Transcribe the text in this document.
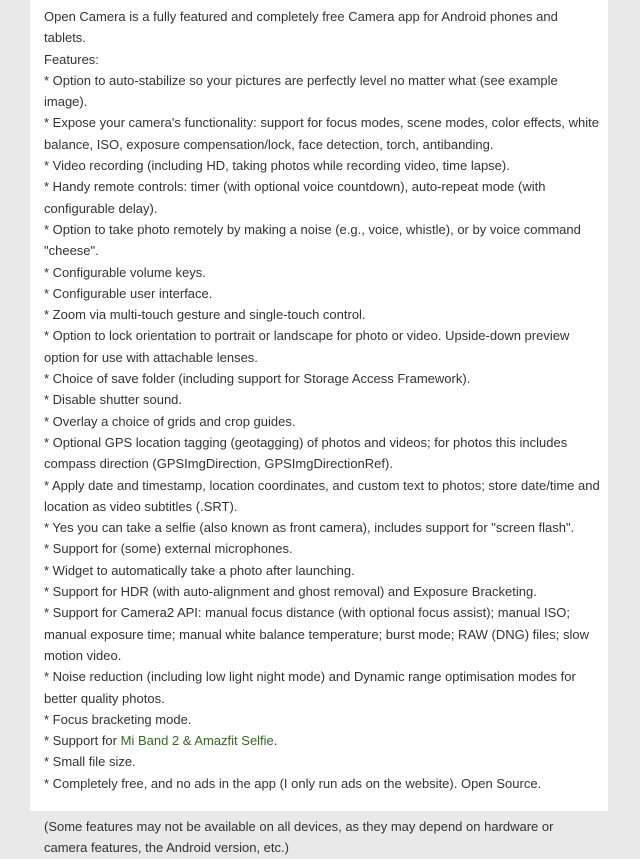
Open Camera is a fully featured and completely free Camera app for Android phones and tablets.
Features:
* Option to auto-stabilize so your pictures are perfectly level no matter what (see example image).
* Expose your camera's functionality: support for focus modes, scene modes, color effects, white balance, ISO, exposure compensation/lock, face detection, torch, antibanding.
* Video recording (including HD, taking photos while recording video, time lapse).
* Handy remote controls: timer (with optional voice countdown), auto-repeat mode (with configurable delay).
* Option to take photo remotely by making a noise (e.g., voice, whistle), or by voice command "cheese".
* Configurable volume keys.
* Configurable user interface.
* Zoom via multi-touch gesture and single-touch control.
* Option to lock orientation to portrait or landscape for photo or video. Upside-down preview option for use with attachable lenses.
* Choice of save folder (including support for Storage Access Framework).
* Disable shutter sound.
* Overlay a choice of grids and crop guides.
* Optional GPS location tagging (geotagging) of photos and videos; for photos this includes compass direction (GPSImgDirection, GPSImgDirectionRef).
* Apply date and timestamp, location coordinates, and custom text to photos; store date/time and location as video subtitles (.SRT).
* Yes you can take a selfie (also known as front camera), includes support for "screen flash".
* Support for (some) external microphones.
* Widget to automatically take a photo after launching.
* Support for HDR (with auto-alignment and ghost removal) and Exposure Bracketing.
* Support for Camera2 API: manual focus distance (with optional focus assist); manual ISO; manual exposure time; manual white balance temperature; burst mode; RAW (DNG) files; slow motion video.
* Noise reduction (including low light night mode) and Dynamic range optimisation modes for better quality photos.
* Focus bracketing mode.
* Support for Mi Band 2 & Amazfit Selfie.
* Small file size.
* Completely free, and no ads in the app (I only run ads on the website). Open Source.
(Some features may not be available on all devices, as they may depend on hardware or camera features, the Android version, etc.)
